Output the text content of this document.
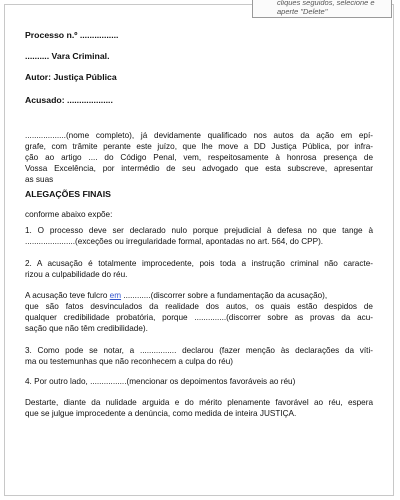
cliques seguidos, selecione e aperte "Delete"
Processo n.º ................
.......... Vara Criminal.
Autor: Justiça Pública
Acusado: ...................
..................(nome completo), já devidamente qualificado nos autos da ação em epí-
grafe, com trâmite perante este juízo, que lhe move a DD Justiça Pública, por infra-
ção ao artigo .... do Código Penal, vem, respeitosamente à honrosa presença de
Vossa Excelência, por intermédio de seu advogado que esta subscreve, apresentar
as suas
ALEGAÇÕES FINAIS
conforme abaixo expõe:
1. O processo deve ser declarado nulo porque prejudicial à defesa no que tange à
......................(exceções ou irregularidade formal, apontadas no art. 564, do CPP).
2. A acusação é totalmente improcedente, pois toda a instrução criminal não caracte-
rizou a culpabilidade do réu.
A acusação teve fulcro em ............(discorrer sobre a fundamentação da acusação),
que são fatos desvinculados da realidade dos autos, os quais estão despidos de
qualquer credibilidade probatória, porque ..............(discorrer sobre as provas da acu-
sação que não têm credibilidade).
3. Como pode se notar, a ................ declarou (fazer menção às declarações da víti-
ma ou testemunhas que não reconhecem a culpa do réu)
4. Por outro lado, ................(mencionar os depoimentos favoráveis ao réu)
Destarte, diante da nulidade arguida e do mérito plenamente favorável ao réu, espera
que se julgue improcedente a denúncia, como medida de inteira JUSTIÇA.
